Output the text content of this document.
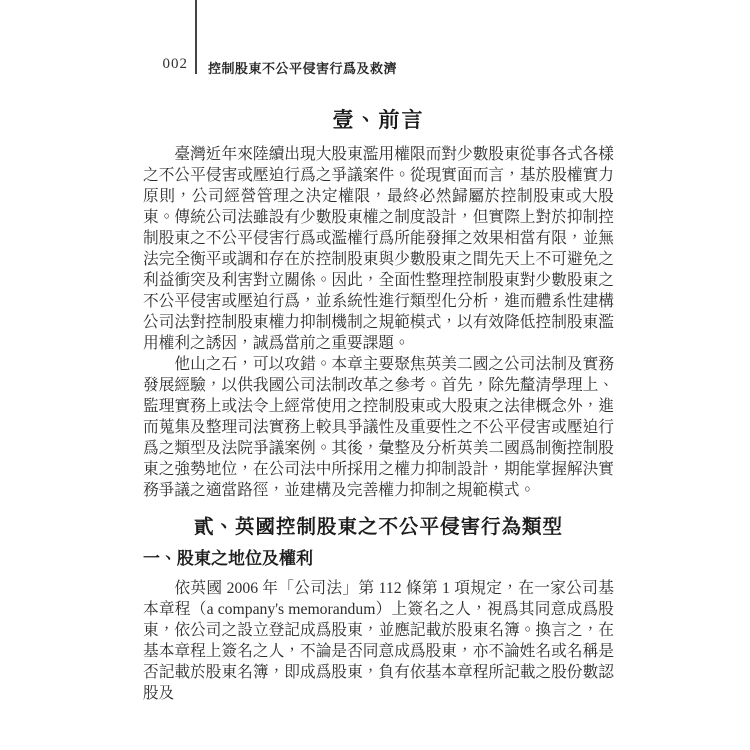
002 控制股東不公平侵害行爲及救濟
壹、前言

臺灣近年來陸續出現大股東濫用權限而對少數股東從事各式各樣之不公平侵害或壓迫行爲之爭議案件。從現實面而言，基於股權實力原則，公司經營管理之決定權限，最終必然歸屬於控制股東或大股東。傳統公司法雖設有少數股東權之制度設計，但實際上對於抑制控制股東之不公平侵害行爲或濫權行爲所能發揮之效果相當有限，並無法完全衡平或調和存在於控制股東與少數股東之間先天上不可避免之利益衝突及利害對立關係。因此，全面性整理控制股東對少數股東之不公平侵害或壓迫行爲，並系統性進行類型化分析，進而體系性建構公司法對控制股東權力抑制機制之規範模式，以有效降低控制股東濫用權利之誘因，誠爲當前之重要課題。

他山之石，可以攻錯。本章主要聚焦英美二國之公司法制及實務發展經驗，以供我國公司法制改革之參考。首先，除先釐清學理上、監理實務上或法令上經常使用之控制股東或大股東之法律概念外，進而蒐集及整理司法實務上較具爭議性及重要性之不公平侵害或壓迫行爲之類型及法院爭議案例。其後，彙整及分析英美二國爲制衡控制股東之強勢地位，在公司法中所採用之權力抑制設計，期能掌握解決實務爭議之適當路徑，並建構及完善權力抑制之規範模式。

貳、英國控制股東之不公平侵害行為類型
一、股東之地位及權利

依英國 2006 年「公司法」第 112 條第 1 項規定，在一家公司基本章程（a company's memorandum）上簽名之人，視爲其同意成爲股東，依公司之設立登記成爲股東，並應記載於股東名簿。換言之，在基本章程上簽名之人，不論是否同意成爲股東，亦不論姓名或名稱是否記載於股東名簿，即成爲股東，負有依基本章程所記載之股份數認股及
